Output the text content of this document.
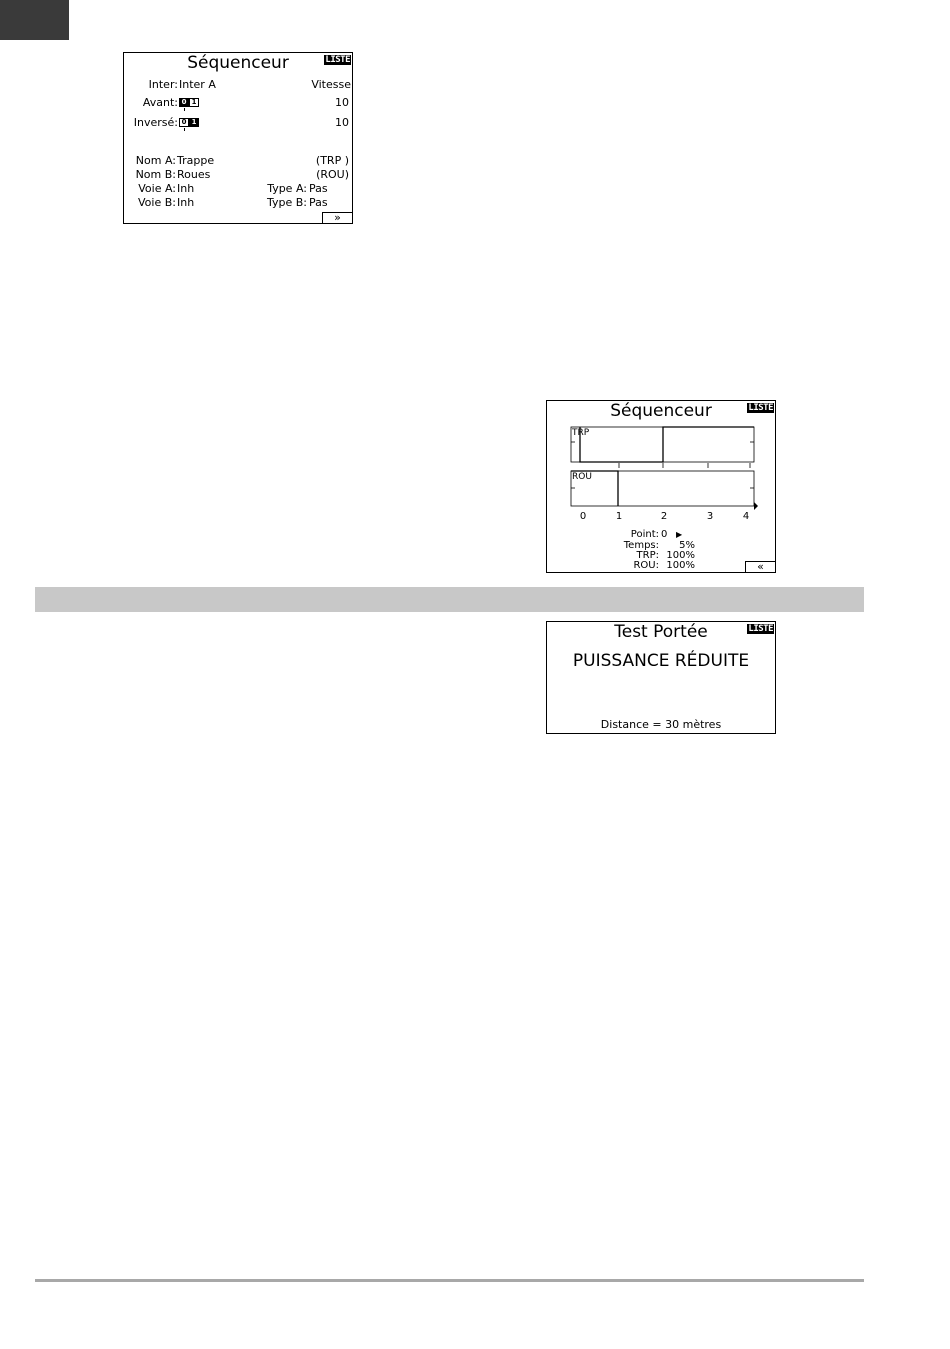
Séquenceur	LISTE
Inter: Inter A	Vitesse
Avant: 0 1	10
Inversé: 0 1	10
Nom A: Trappe	(TRP )
Nom B: Roues	(ROU)
Voie A: Inh	Type A: Pas
Voie B: Inh	Type B: Pas
»
Séquenceur	LISTE
TRP
ROU
0	1	2	3	4
Point: 0 ▶
Temps:	5%
TRP: 100%
ROU: 100%	«
Test Portée	LISTE
PUISSANCE RÉDUITE
Distance = 30 mètres
